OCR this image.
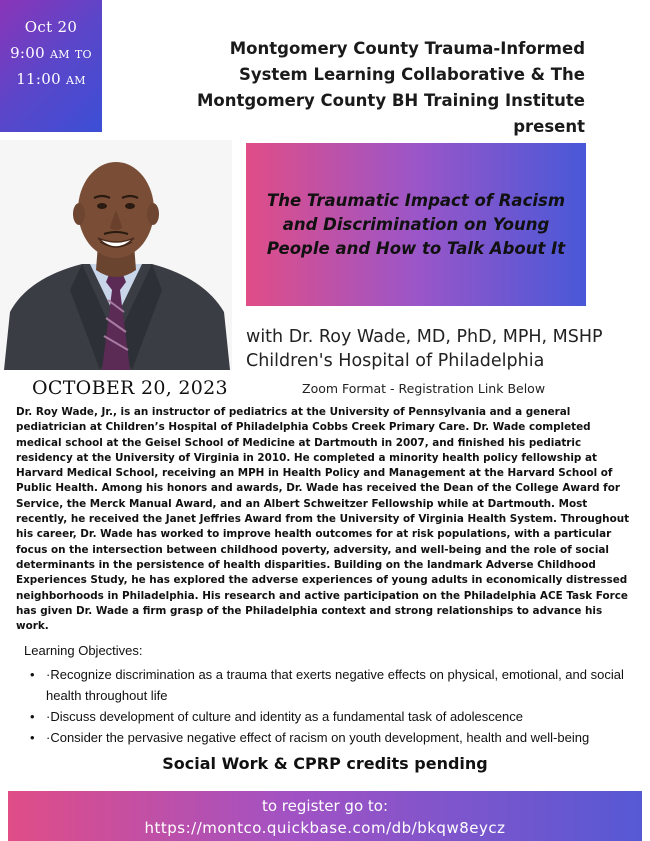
Oct 20
9:00 am to
11:00 am
Montgomery County Trauma-Informed
System Learning Collaborative & The
Montgomery County BH Training Institute
present
The Traumatic Impact of Racism and Discrimination on Young People and How to Talk About It
with Dr. Roy Wade, MD, PhD, MPH, MSHP
Children's Hospital of Philadelphia
OCTOBER 20, 2023	Zoom Format - Registration Link Below

Dr. Roy Wade, Jr., is an instructor of pediatrics at the University of Pennsylvania and a general pediatrician at Children’s Hospital of Philadelphia Cobbs Creek Primary Care. Dr. Wade completed medical school at the Geisel School of Medicine at Dartmouth in 2007, and finished his pediatric residency at the University of Virginia in 2010. He completed a minority health policy fellowship at Harvard Medical School, receiving an MPH in Health Policy and Management at the Harvard School of Public Health. Among his honors and awards, Dr. Wade has received the Dean of the College Award for Service, the Merck Manual Award, and an Albert Schweitzer Fellowship while at Dartmouth. Most recently, he received the Janet Jeffries Award from the University of Virginia Health System. Throughout his career, Dr. Wade has worked to improve health outcomes for at risk populations, with a particular focus on the intersection between childhood poverty, adversity, and well-being and the role of social determinants in the persistence of health disparities. Building on the landmark Adverse Childhood Experiences Study, he has explored the adverse experiences of young adults in economically distressed neighborhoods in Philadelphia. His research and active participation on the Philadelphia ACE Task Force has given Dr. Wade a firm grasp of the Philadelphia context and strong relationships to advance his work.

Learning Objectives:
• ·Recognize discrimination as a trauma that exerts negative effects on physical, emotional, and social health throughout life
• ·Discuss development of culture and identity as a fundamental task of adolescence
• ·Consider the pervasive negative effect of racism on youth development, health and well-being
Social Work & CPRP credits pending
to register go to:
https://montco.quickbase.com/db/bkqw8eycz
